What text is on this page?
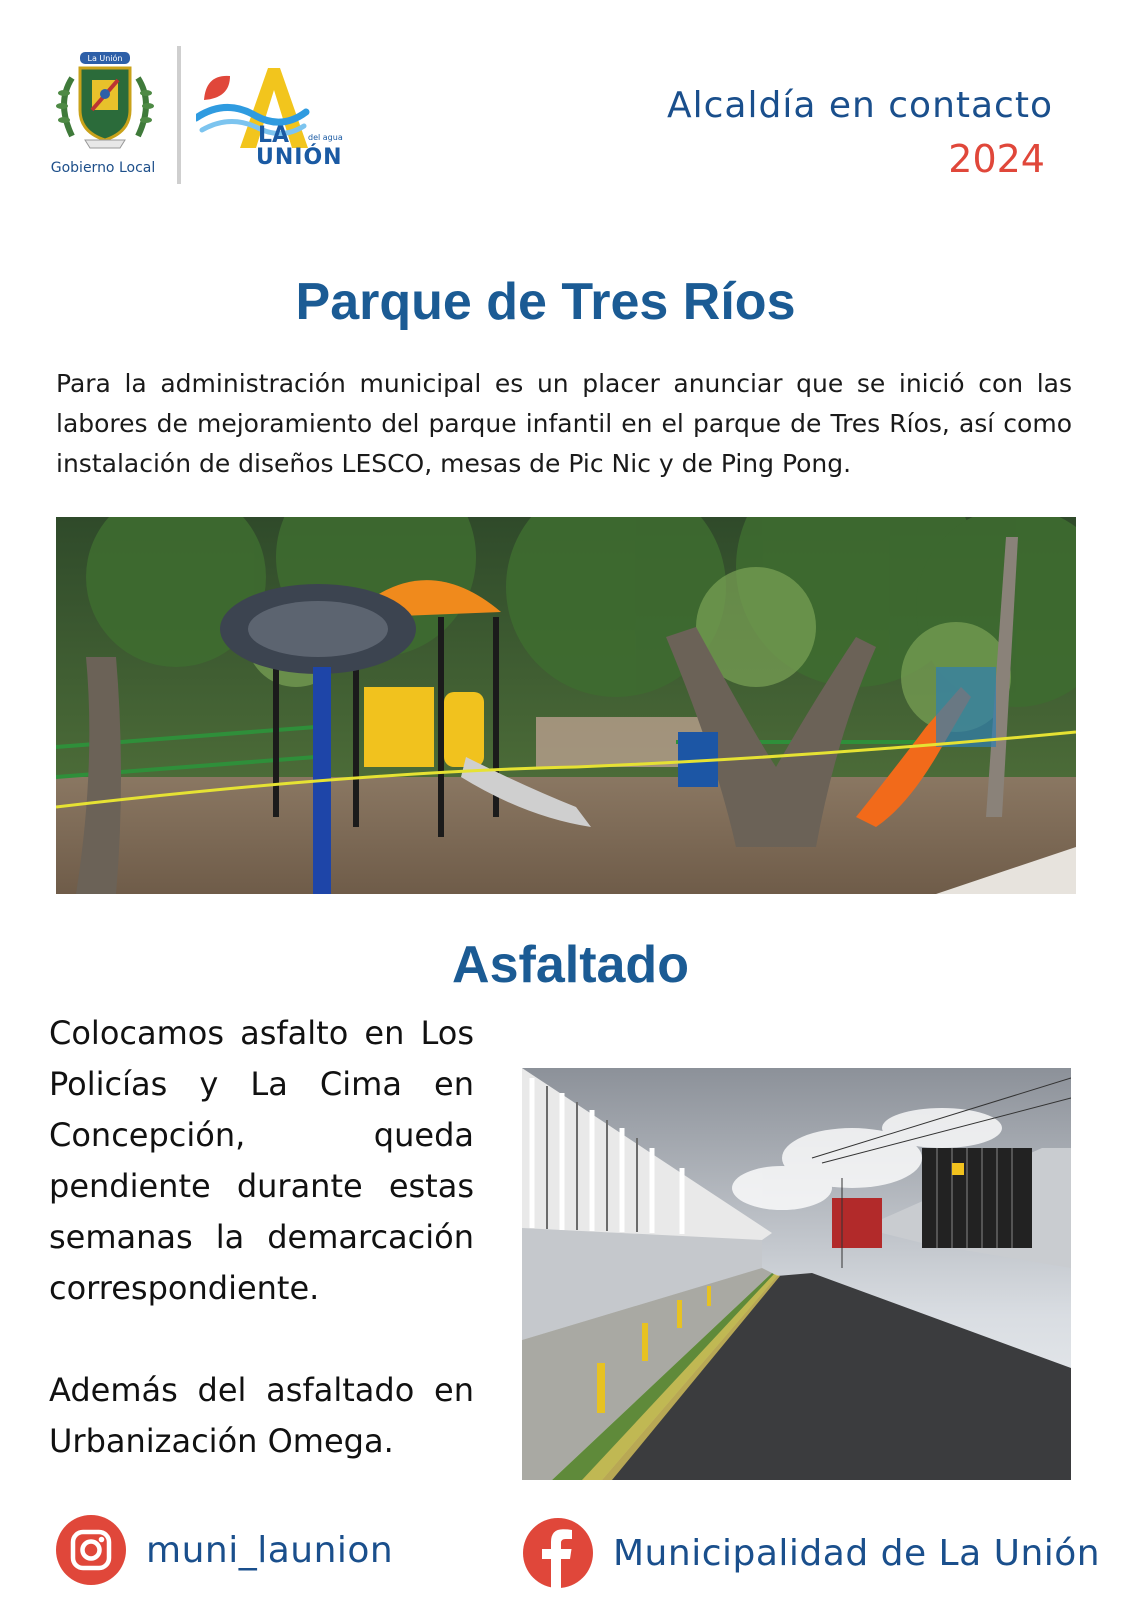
La Unión
Gobierno Local
LA del agua
UNIÓN
Alcaldía en contacto
2024
Parque de Tres Ríos
Para la administración municipal es un placer anunciar que se inició con las labores de mejoramiento del parque infantil en el parque de Tres Ríos, así como instalación de diseños LESCO, mesas de Pic Nic y de Ping Pong.
Asfaltado

Colocamos asfalto en Los Policías y La Cima en Concepción, queda pendiente durante estas semanas la demarcación correspondiente.

Además del asfaltado en Urbanización Omega.

muni_launion	Municipalidad de La Unión
